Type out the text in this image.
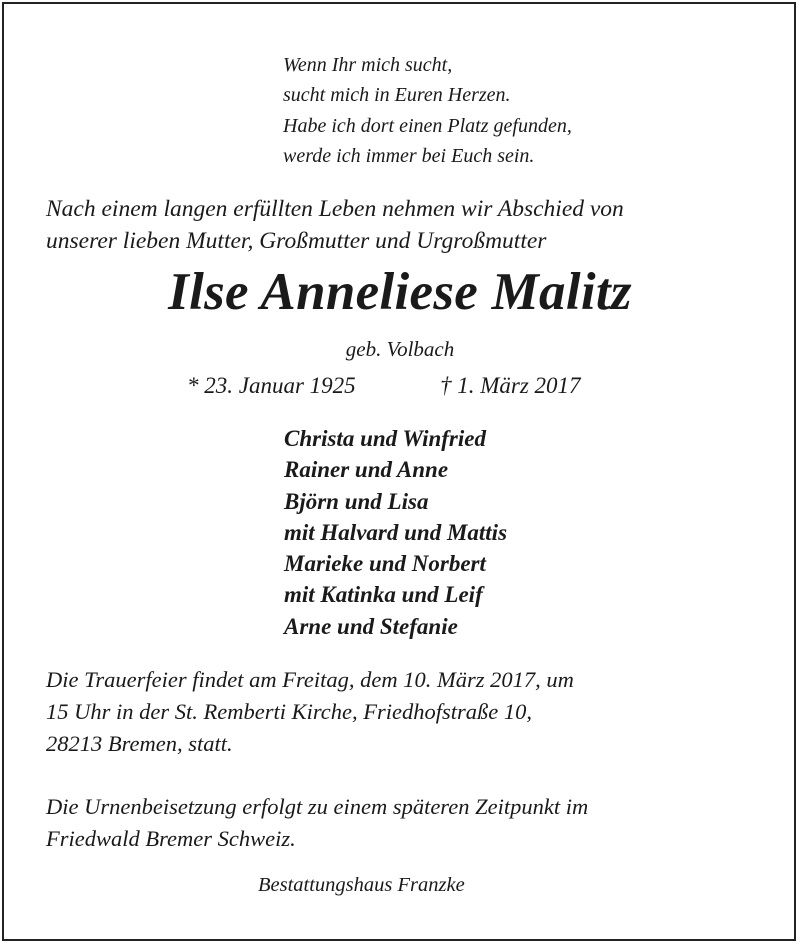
Wenn Ihr mich sucht,
sucht mich in Euren Herzen.
Habe ich dort einen Platz gefunden,
werde ich immer bei Euch sein.
Nach einem langen erfüllten Leben nehmen wir Abschied von
unserer lieben Mutter, Großmutter und Urgroßmutter
Ilse Anneliese Malitz
geb. Volbach
* 23. Januar 1925	† 1. März 2017
Christa und Winfried
Rainer und Anne
Björn und Lisa
mit Halvard und Mattis
Marieke und Norbert
mit Katinka und Leif
Arne und Stefanie
Die Trauerfeier findet am Freitag, dem 10. März 2017, um
15 Uhr in der St. Remberti Kirche, Friedhofstraße 10,
28213 Bremen, statt.
Die Urnenbeisetzung erfolgt zu einem späteren Zeitpunkt im
Friedwald Bremer Schweiz.
Bestattungshaus Franzke
